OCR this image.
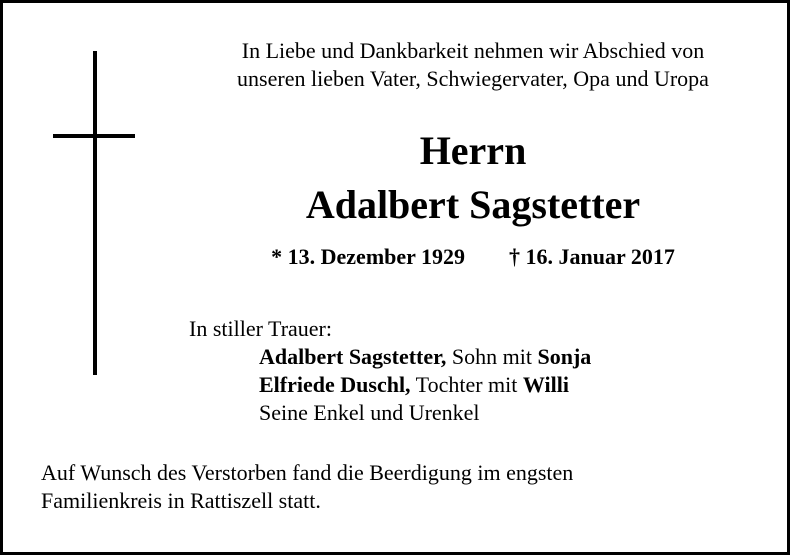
In Liebe und Dankbarkeit nehmen wir Abschied von
unseren lieben Vater, Schwiegervater, Opa und Uropa
Herrn
Adalbert Sagstetter
* 13. Dezember 1929 † 16. Januar 2017
In stiller Trauer:
Adalbert Sagstetter, Sohn mit Sonja
Elfriede Duschl, Tochter mit Willi
Seine Enkel und Urenkel
Auf Wunsch des Verstorben fand die Beerdigung im engsten
Familienkreis in Rattiszell statt.
